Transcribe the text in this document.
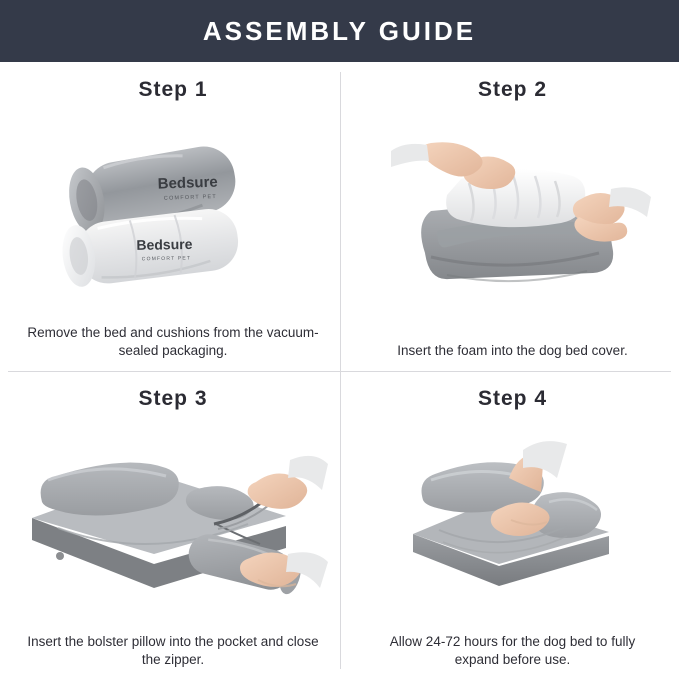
ASSEMBLY GUIDE
Step 1
Bedsure
COMFORT PET
Bedsure
COMFORT PET
Remove the bed and cushions from the vacuum-sealed packaging.
Step 2
Insert the foam into the dog bed cover.
Step 3
Insert the bolster pillow into the pocket and close the zipper.
Step 4
Allow 24-72 hours for the dog bed to fully expand before use.
